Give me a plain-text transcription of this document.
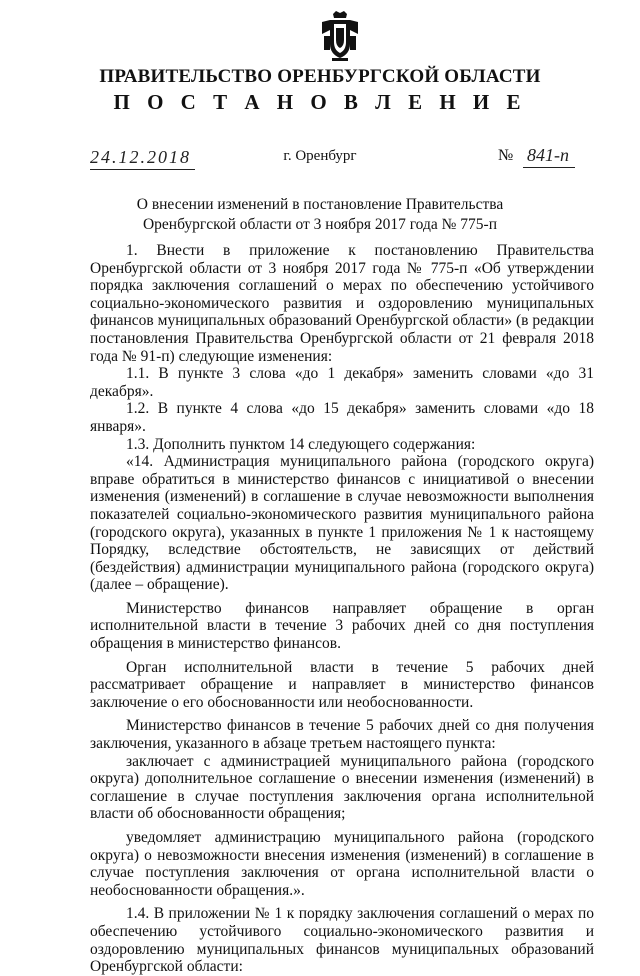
ПРАВИТЕЛЬСТВО ОРЕНБУРГСКОЙ ОБЛАСТИ
П О С Т А Н О В Л Е Н И Е
24.12.2018	г. Оренбург	№ 841-п
О внесении изменений в постановление Правительства
Оренбургской области от 3 ноября 2017 года № 775-п

1. Внести в приложение к постановлению Правительства Оренбургской области от 3 ноября 2017 года № 775-п «Об утверждении порядка заключения соглашений о мерах по обеспечению устойчивого социально-экономического развития и оздоровлению муниципальных финансов муниципальных образований Оренбургской области» (в редакции постановления Правительства Оренбургской области от 21 февраля 2018 года № 91-п) следующие изменения:

1.1. В пункте 3 слова «до 1 декабря» заменить словами «до 31 декабря».

1.2. В пункте 4 слова «до 15 декабря» заменить словами «до 18 января».

1.3. Дополнить пунктом 14 следующего содержания:

«14. Администрация муниципального района (городского округа) вправе обратиться в министерство финансов с инициативой о внесении изменения (изменений) в соглашение в случае невозможности выполнения показателей социально-экономического развития муниципального района (городского округа), указанных в пункте 1 приложения № 1 к настоящему Порядку, вследствие обстоятельств, не зависящих от действий (бездействия) администрации муниципального района (городского округа) (далее – обращение).

Министерство финансов направляет обращение в орган исполнительной власти в течение 3 рабочих дней со дня поступления обращения в министерство финансов.

Орган исполнительной власти в течение 5 рабочих дней рассматривает обращение и направляет в министерство финансов заключение о его обоснованности или необоснованности.

Министерство финансов в течение 5 рабочих дней со дня получения заключения, указанного в абзаце третьем настоящего пункта:

заключает с администрацией муниципального района (городского округа) дополнительное соглашение о внесении изменения (изменений) в соглашение в случае поступления заключения органа исполнительной власти об обоснованности обращения;

уведомляет администрацию муниципального района (городского округа) о невозможности внесения изменения (изменений) в соглашение в случае поступления заключения от органа исполнительной власти о необоснованности обращения.».

1.4. В приложении № 1 к порядку заключения соглашений о мерах по обеспечению устойчивого социально-экономического развития и оздоровлению муниципальных финансов муниципальных образований Оренбургской области:
